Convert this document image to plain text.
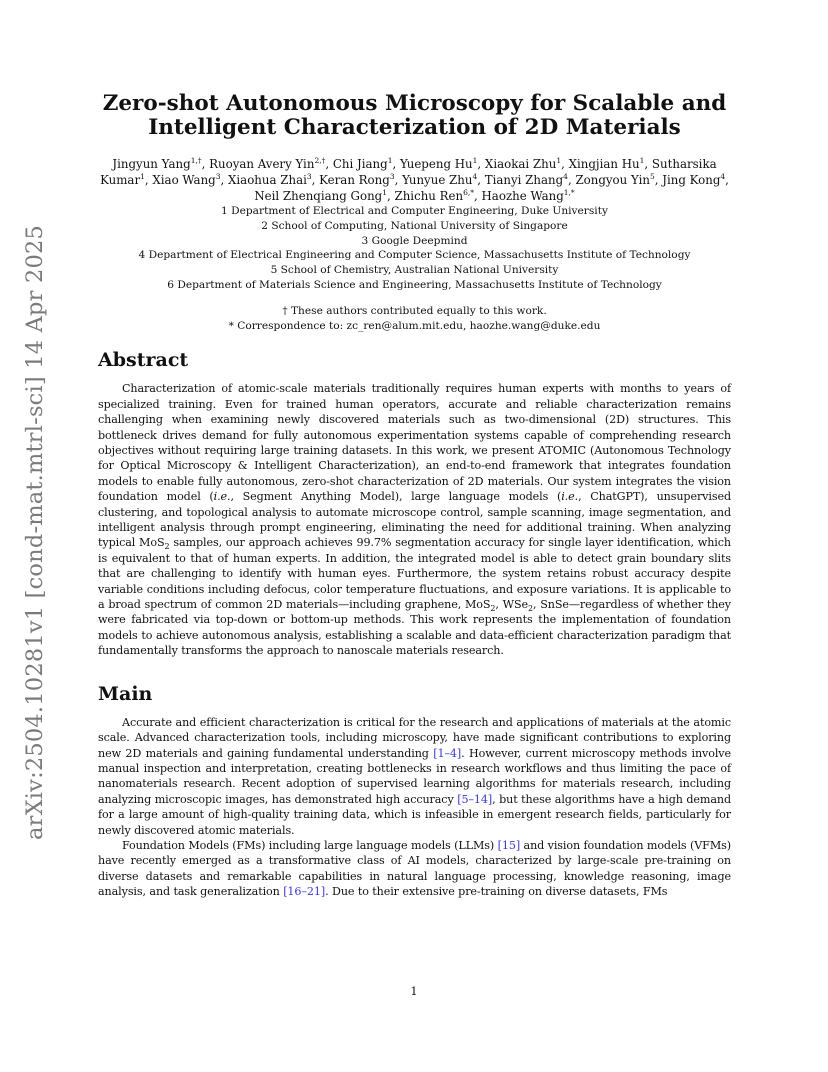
arXiv:2504.10281v1 [cond-mat.mtrl-sci] 14 Apr 2025
Zero-shot Autonomous Microscopy for Scalable and
Intelligent Characterization of 2D Materials
Jingyun Yang$^{1,\dagger}$, Ruoyan Avery Yin$^{2,\dagger}$, Chi Jiang$^1$, Yuepeng Hu$^1$, Xiaokai Zhu$^1$, Xingjian Hu$^1$, Sutharsika Kumar$^1$, Xiao Wang$^3$, Xiaohua Zhai$^3$, Keran Rong$^3$, Yunyue Zhu$^4$, Tianyi Zhang$^4$, Zongyou Yin$^5$, Jing Kong$^4$, Neil Zhenqiang Gong$^1$, Zhichu Ren$^{6,*}$, Haozhe Wang$^{1,*}$
1 Department of Electrical and Computer Engineering, Duke University
2 School of Computing, National University of Singapore
3 Google Deepmind
4 Department of Electrical Engineering and Computer Science, Massachusetts Institute of Technology
5 School of Chemistry, Australian National University
6 Department of Materials Science and Engineering, Massachusetts Institute of Technology
† These authors contributed equally to this work.
* Correspondence to: zc_ren@alum.mit.edu, haozhe.wang@duke.edu
Abstract

Characterization of atomic-scale materials traditionally requires human experts with months to years of specialized training. Even for trained human operators, accurate and reliable characterization remains challenging when examining newly discovered materials such as two-dimensional (2D) structures. This bottleneck drives demand for fully autonomous experimentation systems capable of comprehending research objectives without requiring large training datasets. In this work, we present ATOMIC (Autonomous Technology for Optical Microscopy & Intelligent Characterization), an end-to-end framework that integrates foundation models to enable fully autonomous, zero-shot characterization of 2D materials. Our system integrates the vision foundation model (i.e., Segment Anything Model), large language models (i.e., ChatGPT), unsupervised clustering, and topological analysis to automate microscope control, sample scanning, image segmentation, and intelligent analysis through prompt engineering, eliminating the need for additional training. When analyzing typical MoS$_2$ samples, our approach achieves 99.7% segmentation accuracy for single layer identification, which is equivalent to that of human experts. In addition, the integrated model is able to detect grain boundary slits that are challenging to identify with human eyes. Furthermore, the system retains robust accuracy despite variable conditions including defocus, color temperature fluctuations, and exposure variations. It is applicable to a broad spectrum of common 2D materials—including graphene, MoS$_2$, WSe$_2$, SnSe—regardless of whether they were fabricated via top-down or bottom-up methods. This work represents the implementation of foundation models to achieve autonomous analysis, establishing a scalable and data-efficient characterization paradigm that fundamentally transforms the approach to nanoscale materials research.

Main

Accurate and efficient characterization is critical for the research and applications of materials at the atomic scale. Advanced characterization tools, including microscopy, have made significant contributions to exploring new 2D materials and gaining fundamental understanding [1–4]. However, current microscopy methods involve manual inspection and interpretation, creating bottlenecks in research workflows and thus limiting the pace of nanomaterials research. Recent adoption of supervised learning algorithms for materials research, including analyzing microscopic images, has demonstrated high accuracy [5–14], but these algorithms have a high demand for a large amount of high-quality training data, which is infeasible in emergent research fields, particularly for newly discovered atomic materials.

Foundation Models (FMs) including large language models (LLMs) [15] and vision foundation models (VFMs) have recently emerged as a transformative class of AI models, characterized by large-scale pre-training on diverse datasets and remarkable capabilities in natural language processing, knowledge reasoning, image analysis, and task generalization [16–21]. Due to their extensive pre-training on diverse datasets, FMs

1
